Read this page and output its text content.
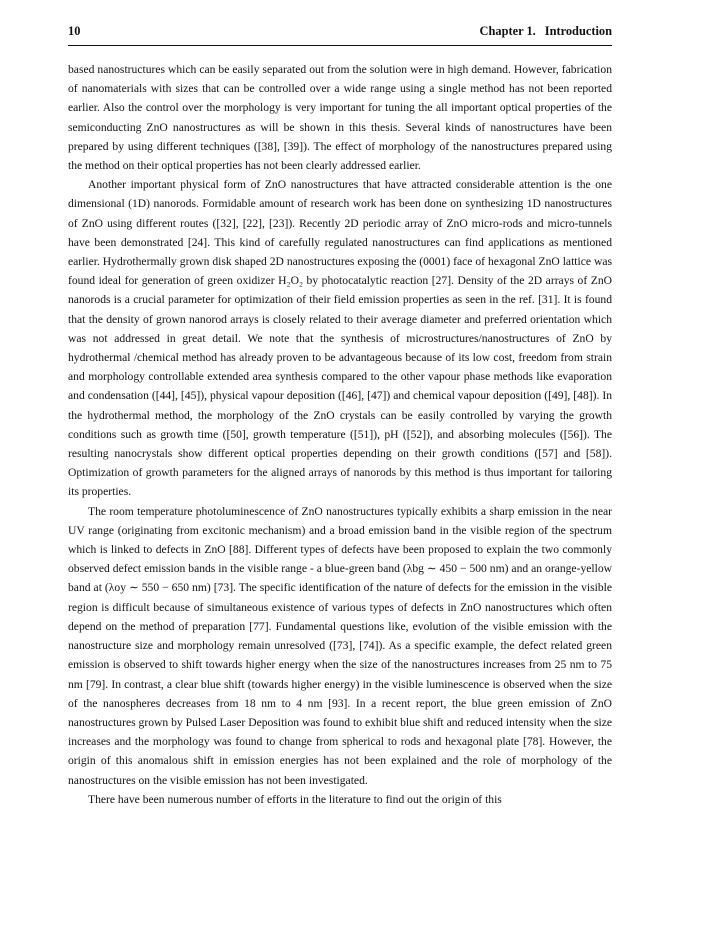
10	Chapter 1. Introduction

based nanostructures which can be easily separated out from the solution were in high demand. However, fabrication of nanomaterials with sizes that can be controlled over a wide range using a single method has not been reported earlier. Also the control over the morphology is very important for tuning the all important optical properties of the semiconducting ZnO nanostructures as will be shown in this thesis. Several kinds of nanostructures have been prepared by using different techniques ([38], [39]). The effect of morphology of the nanostructures prepared using the method on their optical properties has not been clearly addressed earlier.

Another important physical form of ZnO nanostructures that have attracted considerable attention is the one dimensional (1D) nanorods. Formidable amount of research work has been done on synthesizing 1D nanostructures of ZnO using different routes ([32], [22], [23]). Recently 2D periodic array of ZnO micro-rods and micro-tunnels have been demonstrated [24]. This kind of carefully regulated nanostructures can find applications as mentioned earlier. Hydrothermally grown disk shaped 2D nanostructures exposing the (0001) face of hexagonal ZnO lattice was found ideal for generation of green oxidizer H₂O₂ by photocatalytic reaction [27]. Density of the 2D arrays of ZnO nanorods is a crucial parameter for optimization of their field emission properties as seen in the ref. [31]. It is found that the density of grown nanorod arrays is closely related to their average diameter and preferred orientation which was not addressed in great detail. We note that the synthesis of microstructures/nanostructures of ZnO by hydrothermal /chemical method has already proven to be advantageous because of its low cost, freedom from strain and morphology controllable extended area synthesis compared to the other vapour phase methods like evaporation and condensation ([44], [45]), physical vapour deposition ([46], [47]) and chemical vapour deposition ([49], [48]). In the hydrothermal method, the morphology of the ZnO crystals can be easily controlled by varying the growth conditions such as growth time ([50], growth temperature ([51]), pH ([52]), and absorbing molecules ([56]). The resulting nanocrystals show different optical properties depending on their growth conditions ([57] and [58]). Optimization of growth parameters for the aligned arrays of nanorods by this method is thus important for tailoring its properties.

The room temperature photoluminescence of ZnO nanostructures typically exhibits a sharp emission in the near UV range (originating from excitonic mechanism) and a broad emission band in the visible region of the spectrum which is linked to defects in ZnO [88]. Different types of defects have been proposed to explain the two commonly observed defect emission bands in the visible range - a blue-green band (λbg ∼ 450 − 500 nm) and an orange-yellow band at (λoy ∼ 550 − 650 nm) [73]. The specific identification of the nature of defects for the emission in the visible region is difficult because of simultaneous existence of various types of defects in ZnO nanostructures which often depend on the method of preparation [77]. Fundamental questions like, evolution of the visible emission with the nanostructure size and morphology remain unresolved ([73], [74]). As a specific example, the defect related green emission is observed to shift towards higher energy when the size of the nanostructures increases from 25 nm to 75 nm [79]. In contrast, a clear blue shift (towards higher energy) in the visible luminescence is observed when the size of the nanospheres decreases from 18 nm to 4 nm [93]. In a recent report, the blue green emission of ZnO nanostructures grown by Pulsed Laser Deposition was found to exhibit blue shift and reduced intensity when the size increases and the morphology was found to change from spherical to rods and hexagonal plate [78]. However, the origin of this anomalous shift in emission energies has not been explained and the role of morphology of the nanostructures on the visible emission has not been investigated.

There have been numerous number of efforts in the literature to find out the origin of this
